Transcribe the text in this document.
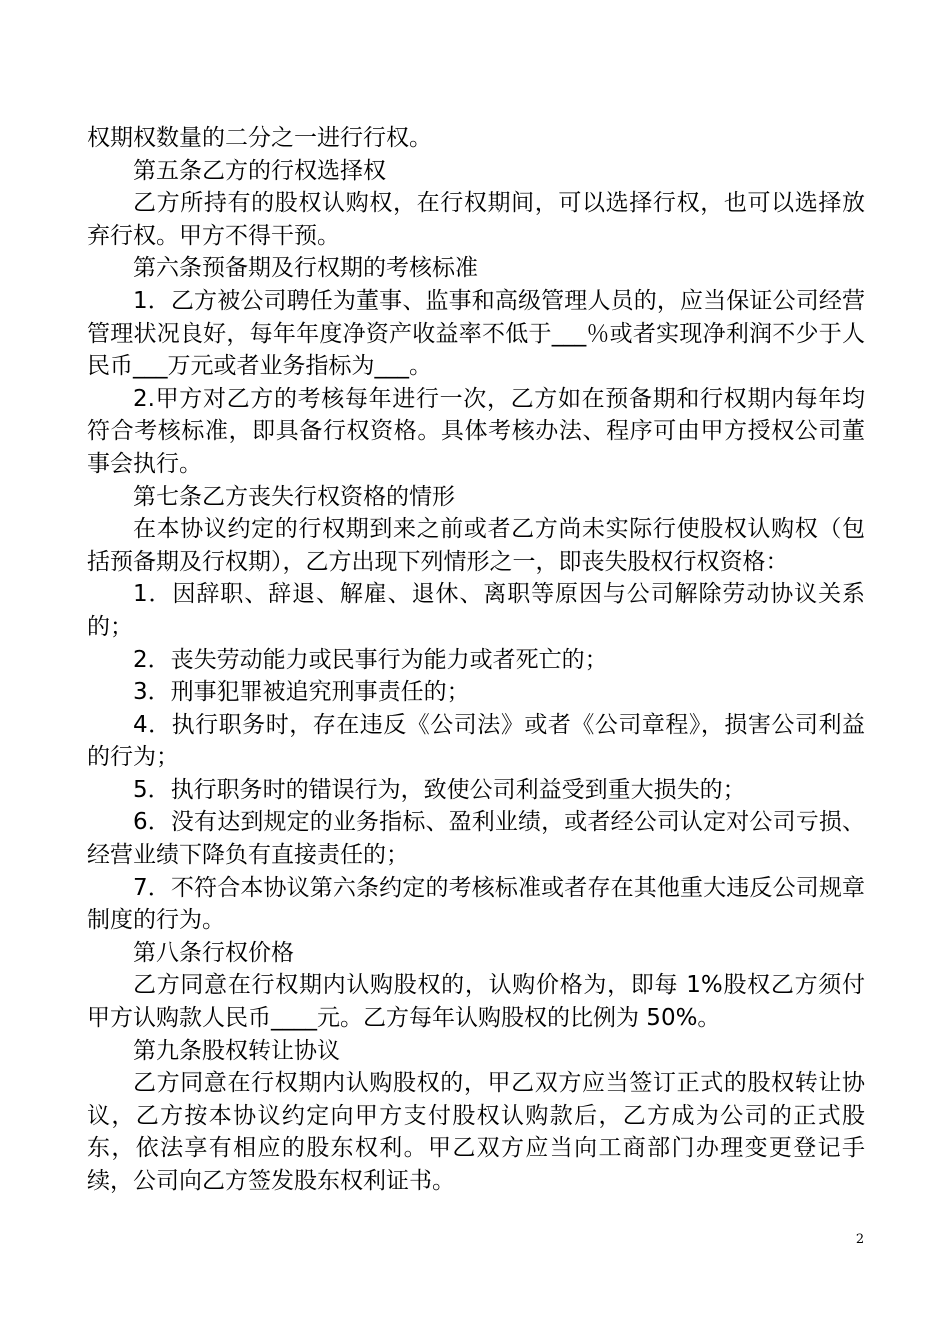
权期权数量的二分之一进行行权。

第五条乙方的行权选择权

乙方所持有的股权认购权，在行权期间，可以选择行权，也可以选择放弃行权。甲方不得干预。

第六条预备期及行权期的考核标准

1．乙方被公司聘任为董事、监事和高级管理人员的，应当保证公司经营管理状况良好，每年年度净资产收益率不低于___％或者实现净利润不少于人民币___万元或者业务指标为___。

2.甲方对乙方的考核每年进行一次，乙方如在预备期和行权期内每年均符合考核标准，即具备行权资格。具体考核办法、程序可由甲方授权公司董事会执行。

第七条乙方丧失行权资格的情形

在本协议约定的行权期到来之前或者乙方尚未实际行使股权认购权（包括预备期及行权期），乙方出现下列情形之一，即丧失股权行权资格：

1．因辞职、辞退、解雇、退休、离职等原因与公司解除劳动协议关系的；

2．丧失劳动能力或民事行为能力或者死亡的；

3．刑事犯罪被追究刑事责任的；

4．执行职务时，存在违反《公司法》或者《公司章程》，损害公司利益的行为；

5．执行职务时的错误行为，致使公司利益受到重大损失的；

6．没有达到规定的业务指标、盈利业绩，或者经公司认定对公司亏损、经营业绩下降负有直接责任的；

7．不符合本协议第六条约定的考核标准或者存在其他重大违反公司规章制度的行为。

第八条行权价格

乙方同意在行权期内认购股权的，认购价格为，即每 1%股权乙方须付甲方认购款人民币____元。乙方每年认购股权的比例为 50%。

第九条股权转让协议

乙方同意在行权期内认购股权的，甲乙双方应当签订正式的股权转让协议，乙方按本协议约定向甲方支付股权认购款后，乙方成为公司的正式股东，依法享有相应的股东权利。甲乙双方应当向工商部门办理变更登记手续，公司向乙方签发股东权利证书。

2
